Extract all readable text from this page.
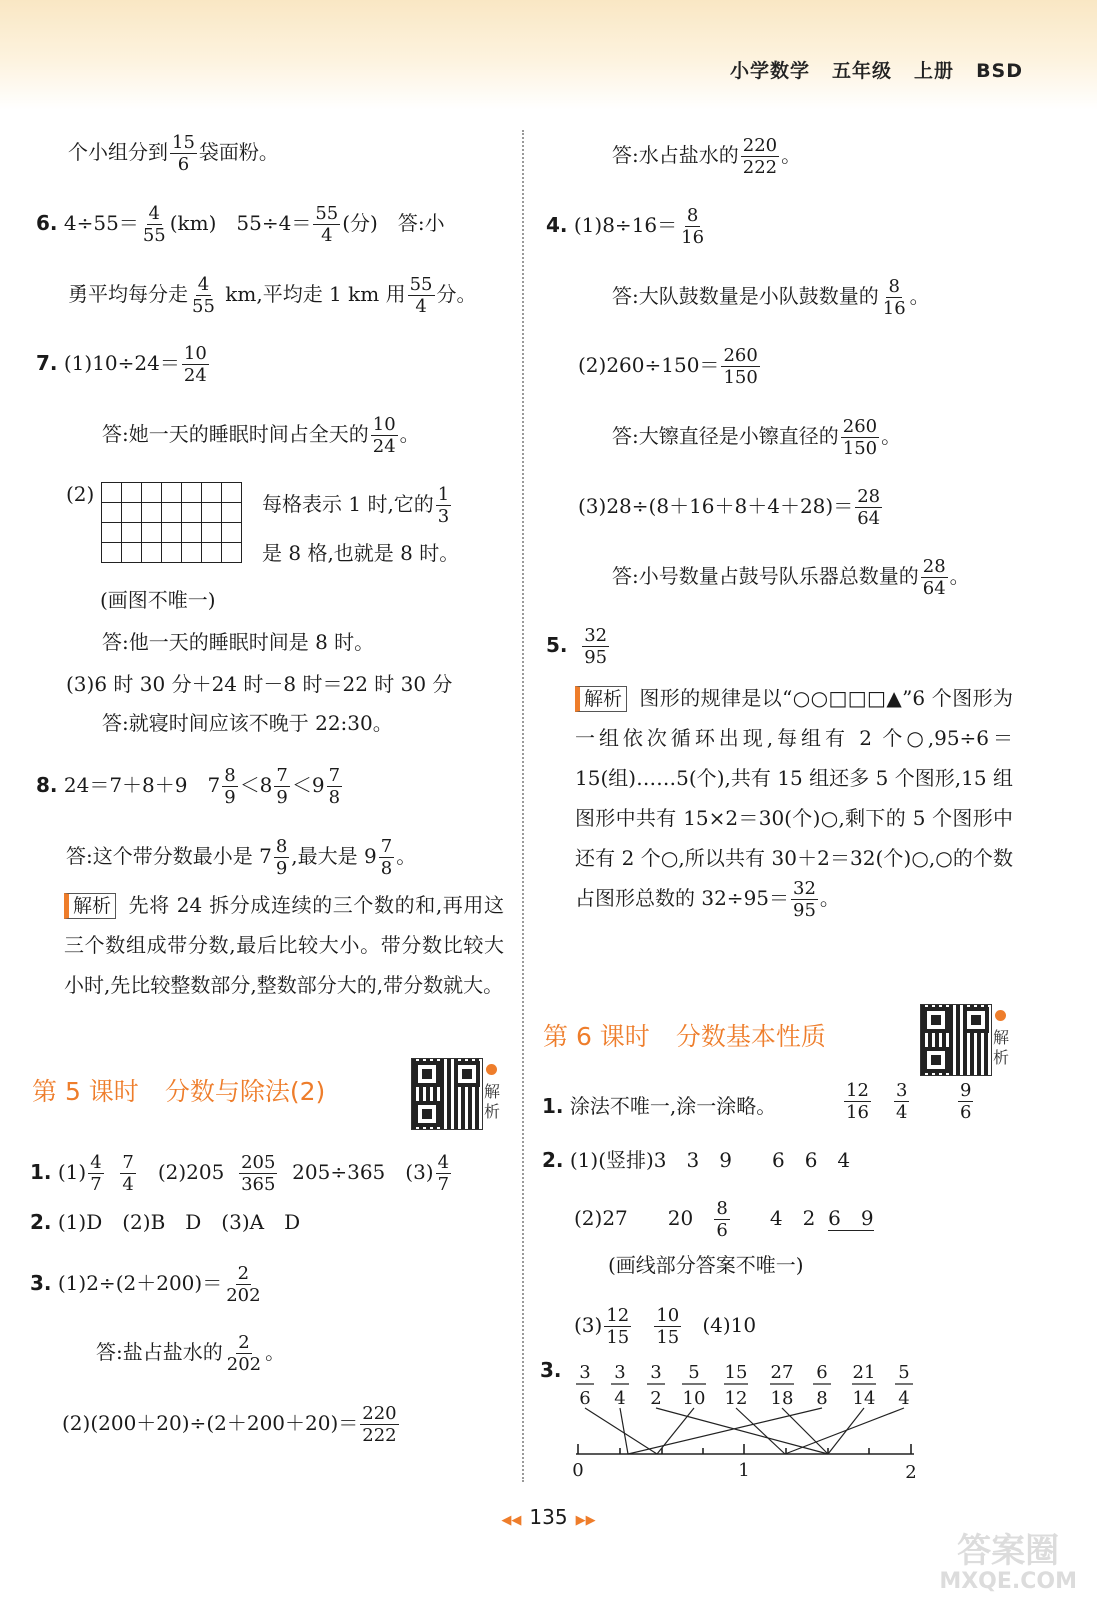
小学数学 五年级 上册 BSD
个小组分到 $\frac{15}{6}$ 袋面粉。
6. $4\div 55= \frac{4}{55} (km)$　$55\div 4= \frac{55}{4}$ (分)　答:小
勇平均每分走 $\frac{4}{55}$ km,平均走 1 km 用 $\frac{55}{4}$ 分。
7. $(1)10\div 24= \frac{10}{24}$
答:她一天的睡眠时间占全天的 $\frac{10}{24}$ 。
(2)

							每格表示 1 时,它的 $\frac{1}{3}$
是 8 格,也就是 8 时。
(画图不唯一)
答:他一天的睡眠时间是 8 时。
(3)6 时 30 分＋24 时－8 时＝22 时 30 分
答:就寝时间应该不晚于 22:30。
8. 24＝7＋8＋9　$7 \frac{8}{9} <8 \frac{7}{9} <9 \frac{7}{8}$
答:这个带分数最小是 $7 \frac{8}{9}$ ,最大是 $9 \frac{7}{8}$ 。
解析 先将 24 拆分成连续的三个数的和,再用这三个数组成带分数,最后比较大小。带分数比较大小时,先比较整数部分,整数部分大的,带分数就大。
第 5 课时 分数与除法(2)	解析
1. $(1) \frac{4}{7}$
$\frac{7}{4}$ 　$(2)205 \frac{205}{365} 205\div 365$　$(3) \frac{4}{7}$
2. (1)D　(2)B　D　(3)A　D
3. $(1)2\div(2+200)= \frac{2}{202}$
答:盐占盐水的 $\frac{2}{202}$ 。
$(2)(200+20)\div(2+200+20)= \frac{220}{222}$
答:水占盐水的 $\frac{220}{222}$ 。
4. $(1)8\div 16= \frac{8}{16}$
答:大队鼓数量是小队鼓数量的 $\frac{8}{16}$ 。
$(2)260\div 150= \frac{260}{150}$
答:大镲直径是小镲直径的 $\frac{260}{150}$ 。
$(3)28\div(8+16+8+4+28)= \frac{28}{64}$
答:小号数量占鼓号队乐器总数量的 $\frac{28}{64}$ 。
5. $\frac{32}{95}$
解析 图形的规律是以“○○□□□▲”6 个图形为一组依次循环出现,每组有 2 个○,95÷6＝15(组)……5(个),共有 15 组还多 5 个图形,15 组图形中共有 15×2＝30(个)○,剩下的 5 个图形中还有 2 个○,所以共有 30＋2＝32(个)○,○的个数占图形总数的 $32\div 95= \frac{32}{95}$ 。
第 6 课时 分数基本性质	解析
1. 涂法不唯一,涂一涂略。	$\frac{12}{16}$
$\frac{3}{4}$
	$\frac{9}{6}$
2. (1)(竖排)3　3　9　　6　6　4
(2)27　　$20 \frac{8}{6} 4$　2 6　9
(画线部分答案不唯一)
$(3) \frac{12}{15}$
$\frac{10}{15} (4)10$
3. 3
6
3
4
3
2
5
10
15
12
27
18
6
8
21
14
5
4
0	1	2
◀◀ 135 ▶▶
答案圈
MXQE.COM
